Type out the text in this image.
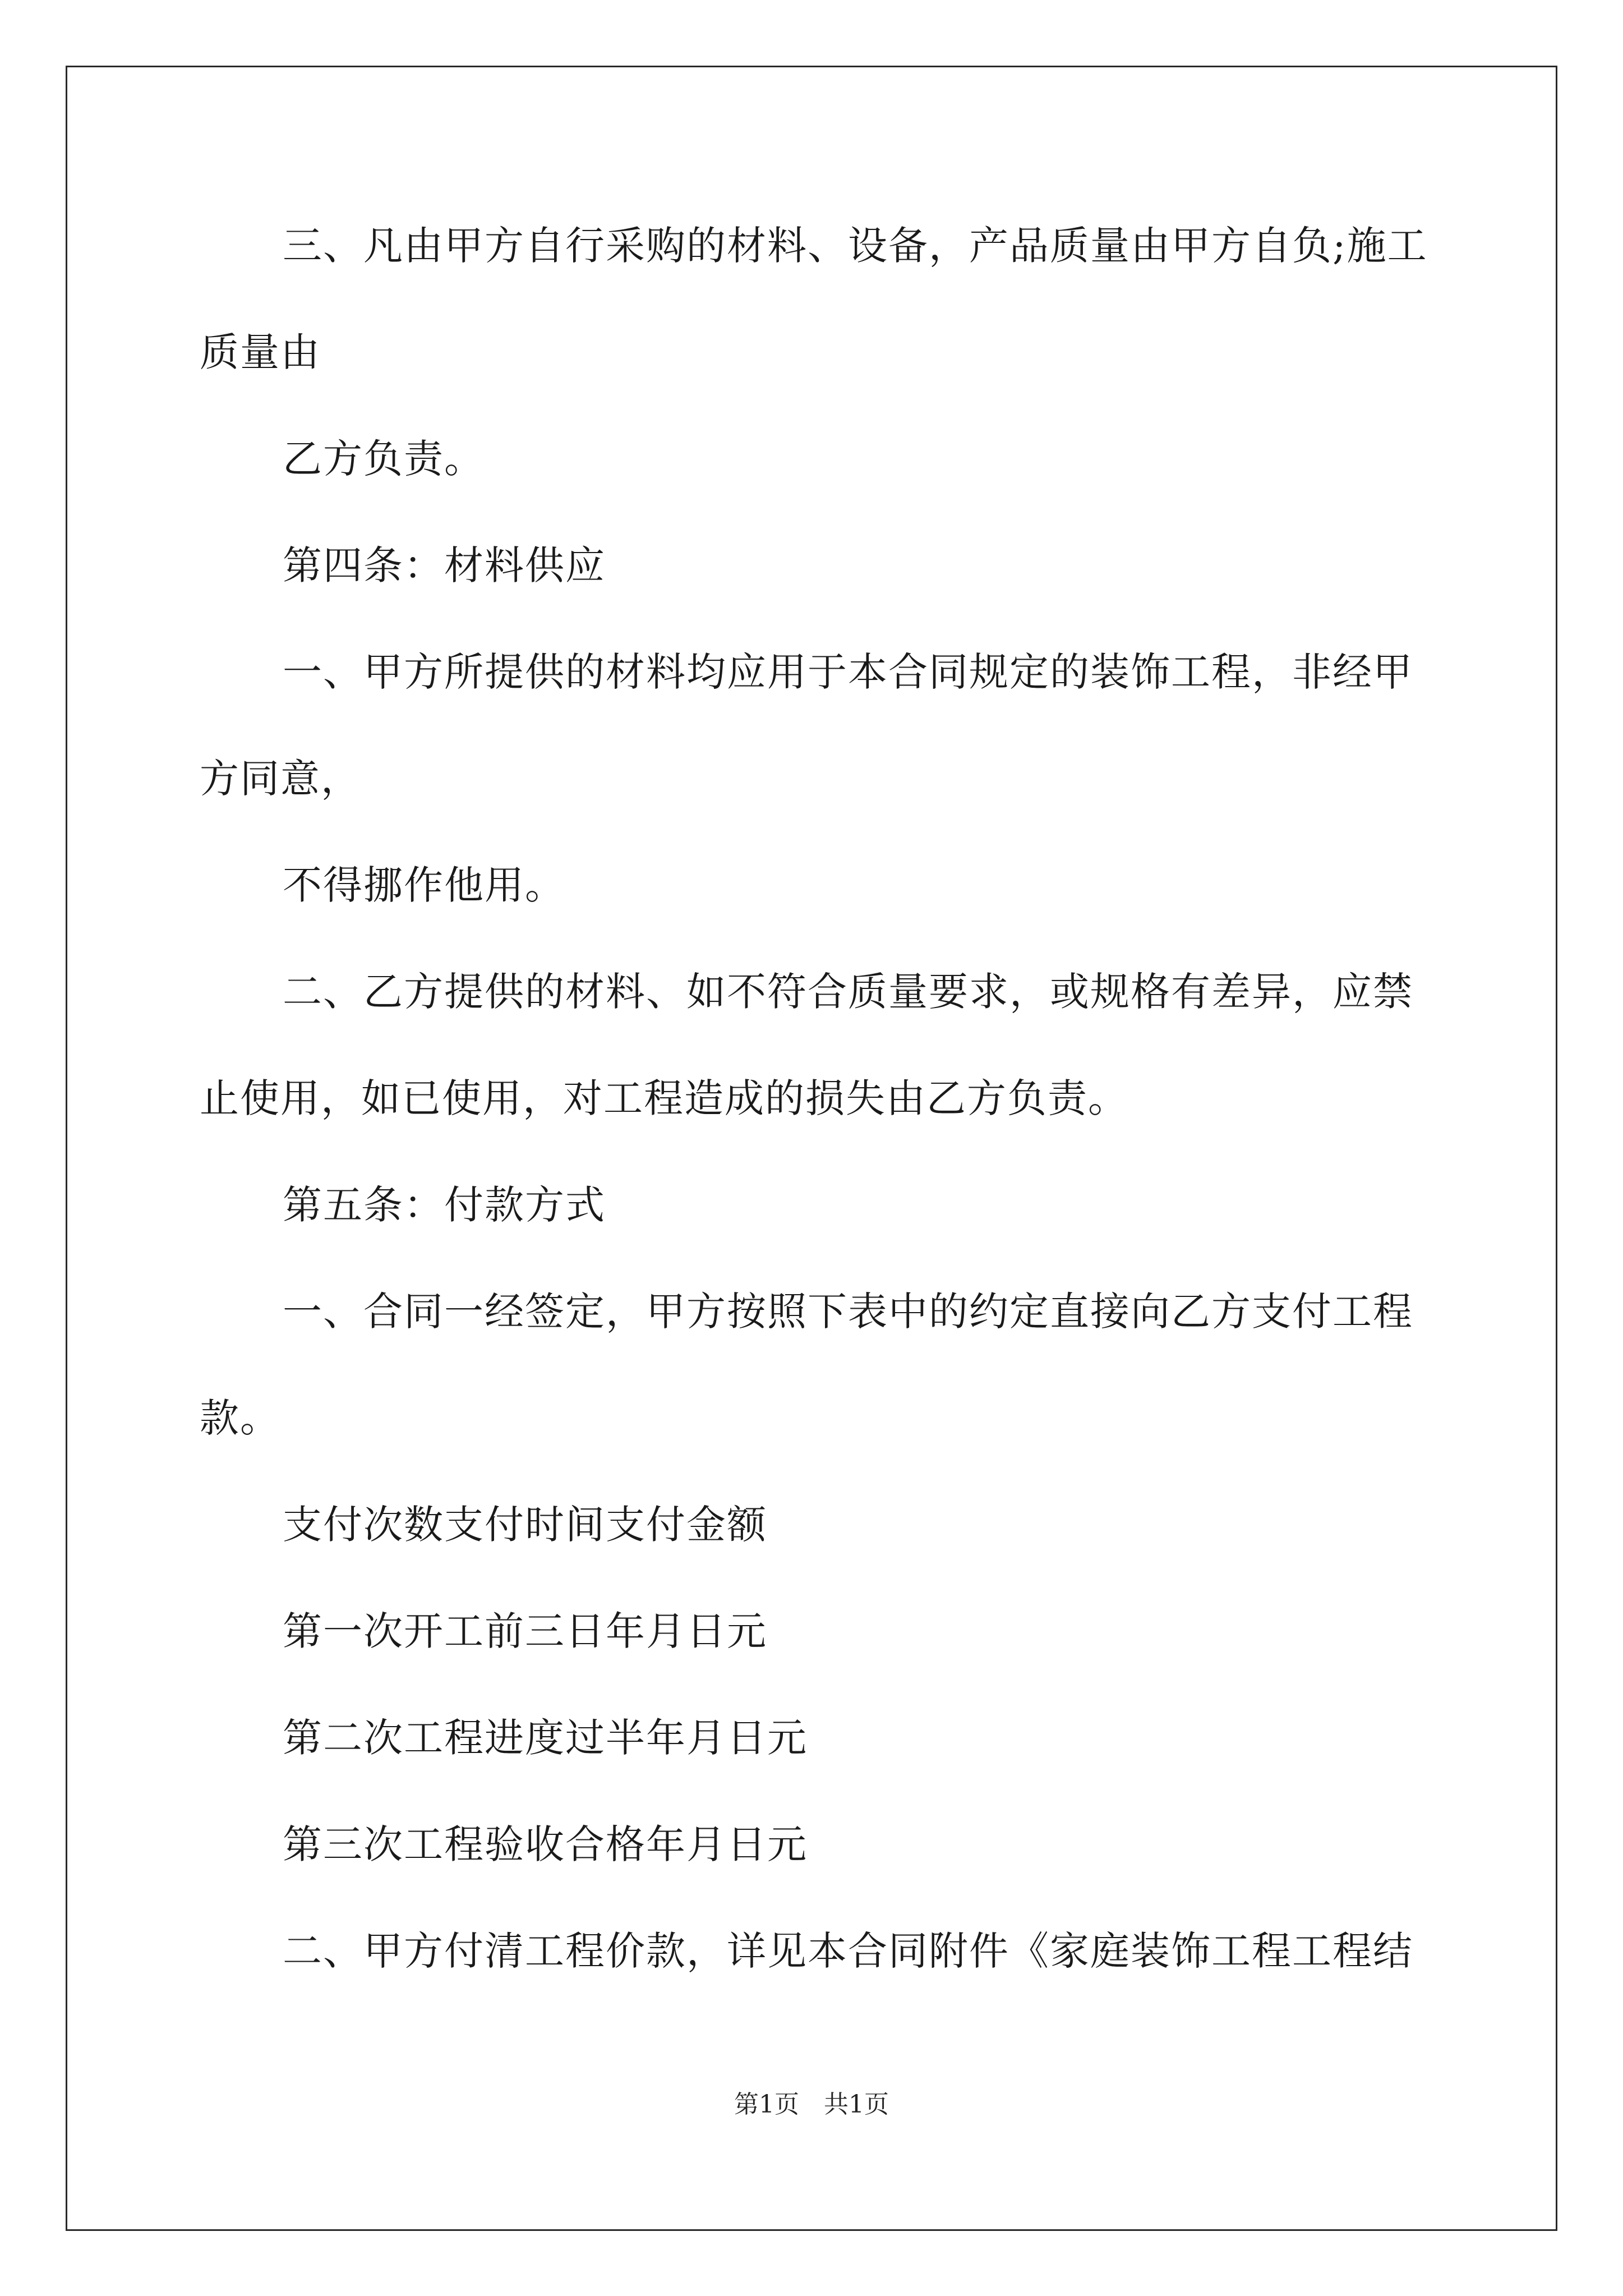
三、凡由甲方自行采购的材料、设备，产品质量由甲方自负;施工
质量由
乙方负责。
第四条：材料供应
一、甲方所提供的材料均应用于本合同规定的装饰工程，非经甲
方同意，
不得挪作他用。
二、乙方提供的材料、如不符合质量要求，或规格有差异，应禁
止使用，如已使用，对工程造成的损失由乙方负责。
第五条：付款方式
一、合同一经签定，甲方按照下表中的约定直接向乙方支付工程
款。
支付次数支付时间支付金额
第一次开工前三日年月日元
第二次工程进度过半年月日元
第三次工程验收合格年月日元
二、甲方付清工程价款，详见本合同附件《家庭装饰工程工程结
第1页　共1页
